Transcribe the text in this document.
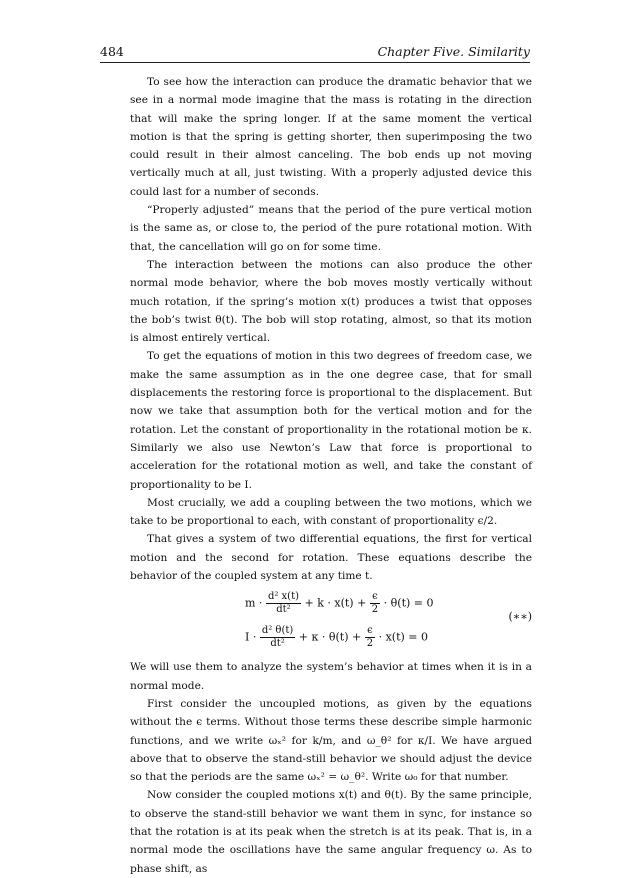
484	Chapter Five. Similarity

To see how the interaction can produce the dramatic behavior that we see in a normal mode imagine that the mass is rotating in the direction that will make the spring longer. If at the same moment the vertical motion is that the spring is getting shorter, then superimposing the two could result in their almost canceling. The bob ends up not moving vertically much at all, just twisting. With a properly adjusted device this could last for a number of seconds.

“Properly adjusted” means that the period of the pure vertical motion is the same as, or close to, the period of the pure rotational motion. With that, the cancellation will go on for some time.

The interaction between the motions can also produce the other normal mode behavior, where the bob moves mostly vertically without much rotation, if the spring’s motion x(t) produces a twist that opposes the bob’s twist θ(t). The bob will stop rotating, almost, so that its motion is almost entirely vertical.

To get the equations of motion in this two degrees of freedom case, we make the same assumption as in the one degree case, that for small displacements the restoring force is proportional to the displacement. But now we take that assumption both for the vertical motion and for the rotation. Let the constant of proportionality in the rotational motion be κ. Similarly we also use Newton’s Law that force is proportional to acceleration for the rotational motion as well, and take the constant of proportionality to be I.

Most crucially, we add a coupling between the two motions, which we take to be proportional to each, with constant of proportionality ϵ/2.

That gives a system of two differential equations, the first for vertical motion and the second for rotation. These equations describe the behavior of the coupled system at any time t.

$m \cdot \frac{\text{d² x(t)}}{\text{dt²}} + k \cdot x(t) + \frac{\epsilon}{2} \cdot \theta(t) = 0$
$I \cdot \frac{\text{d² θ(t)}}{\text{dt²}} + \kappa \cdot \theta(t) + \frac{\epsilon}{2} \cdot x(t) = 0$
(∗∗)

We will use them to analyze the system’s behavior at times when it is in a normal mode.

First consider the uncoupled motions, as given by the equations without the ϵ terms. Without those terms these describe simple harmonic functions, and we write ωₓ² for k/m, and ω_θ² for κ/I. We have argued above that to observe the stand-still behavior we should adjust the device so that the periods are the same ωₓ² = ω_θ². Write ω₀ for that number.

Now consider the coupled motions x(t) and θ(t). By the same principle, to observe the stand-still behavior we want them in sync, for instance so that the rotation is at its peak when the stretch is at its peak. That is, in a normal mode the oscillations have the same angular frequency ω. As to phase shift, as
